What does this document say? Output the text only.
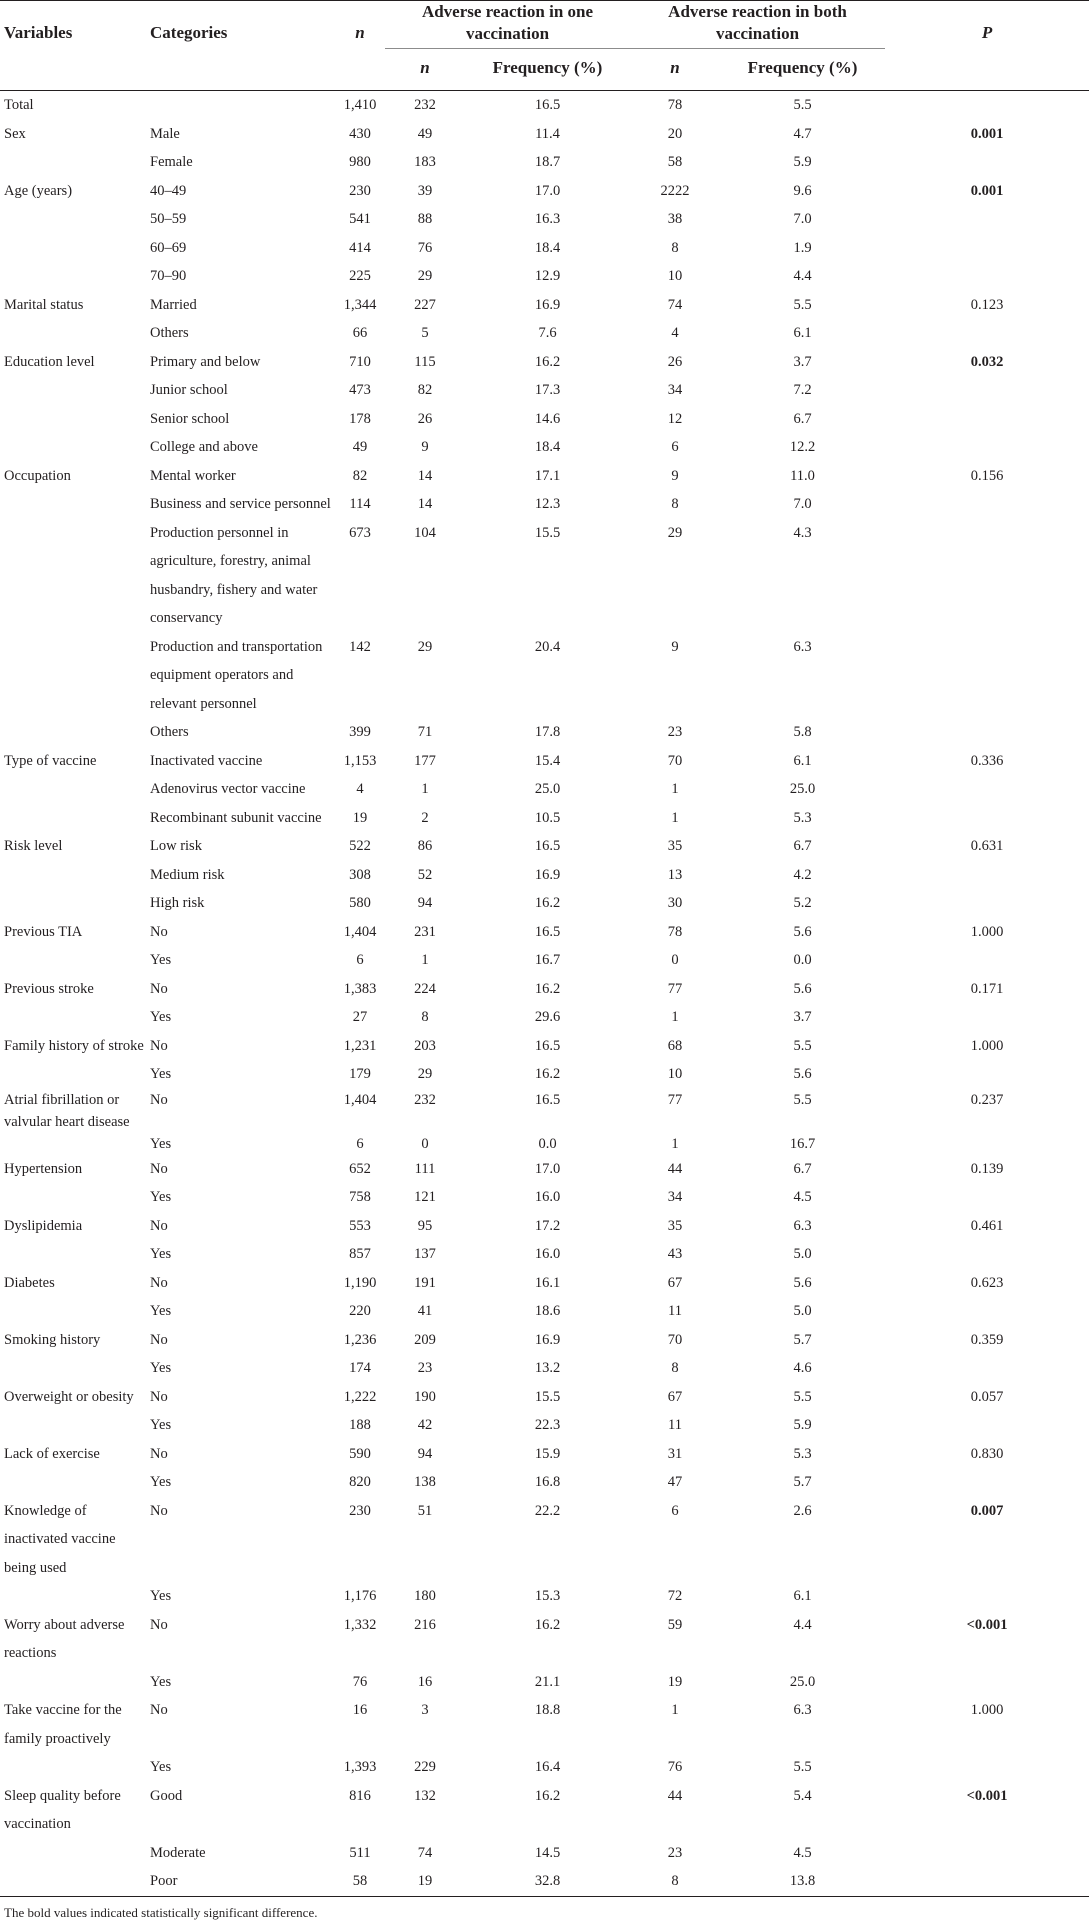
Variables	Categories	n	Adverse reaction in one vaccination		Adverse reaction in both vaccination		P
			n	Frequency (%)	n	Frequency (%)	
Total		1,410	232	16.5	78	5.5	
Sex	Male	430	49	11.4	20	4.7	0.001
	Female	980	183	18.7	58	5.9	
Age (years)	40–49	230	39	17.0	2222	9.6	0.001
	50–59	541	88	16.3	38	7.0	
	60–69	414	76	18.4	8	1.9	
	70–90	225	29	12.9	10	4.4	
Marital status	Married	1,344	227	16.9	74	5.5	0.123
	Others	66	5	7.6	4	6.1	
Education level	Primary and below	710	115	16.2	26	3.7	0.032
	Junior school	473	82	17.3	34	7.2	
	Senior school	178	26	14.6	12	6.7	
	College and above	49	9	18.4	6	12.2	
Occupation	Mental worker	82	14	17.1	9	11.0	0.156
	Business and service personnel	114	14	12.3	8	7.0	
	Production personnel in agriculture, forestry, animal husbandry, fishery and water conservancy	673	104	15.5	29	4.3	
	Production and transportation equipment operators and relevant personnel	142	29	20.4	9	6.3	
	Others	399	71	17.8	23	5.8	
Type of vaccine	Inactivated vaccine	1,153	177	15.4	70	6.1	0.336
	Adenovirus vector vaccine	4	1	25.0	1	25.0	
	Recombinant subunit vaccine	19	2	10.5	1	5.3	
Risk level	Low risk	522	86	16.5	35	6.7	0.631
	Medium risk	308	52	16.9	13	4.2	
	High risk	580	94	16.2	30	5.2	
Previous TIA	No	1,404	231	16.5	78	5.6	1.000
	Yes	6	1	16.7	0	0.0	
Previous stroke	No	1,383	224	16.2	77	5.6	0.171
	Yes	27	8	29.6	1	3.7	
Family history of stroke	No	1,231	203	16.5	68	5.5	1.000
	Yes	179	29	16.2	10	5.6	
Atrial fibrillation or valvular heart disease	No	1,404	232	16.5	77	5.5	0.237
	Yes	6	0	0.0	1	16.7	
Hypertension	No	652	111	17.0	44	6.7	0.139
	Yes	758	121	16.0	34	4.5	
Dyslipidemia	No	553	95	17.2	35	6.3	0.461
	Yes	857	137	16.0	43	5.0	
Diabetes	No	1,190	191	16.1	67	5.6	0.623
	Yes	220	41	18.6	11	5.0	
Smoking history	No	1,236	209	16.9	70	5.7	0.359
	Yes	174	23	13.2	8	4.6	
Overweight or obesity	No	1,222	190	15.5	67	5.5	0.057
	Yes	188	42	22.3	11	5.9	
Lack of exercise	No	590	94	15.9	31	5.3	0.830
	Yes	820	138	16.8	47	5.7	
Knowledge of inactivated vaccine being used	No	230	51	22.2	6	2.6	0.007
	Yes	1,176	180	15.3	72	6.1	
Worry about adverse reactions	No	1,332	216	16.2	59	4.4	<0.001
	Yes	76	16	21.1	19	25.0	
Take vaccine for the family proactively	No	16	3	18.8	1	6.3	1.000
	Yes	1,393	229	16.4	76	5.5	
Sleep quality before vaccination	Good	816	132	16.2	44	5.4	<0.001
	Moderate	511	74	14.5	23	4.5	
	Poor	58	19	32.8	8	13.8	
The bold values indicated statistically significant difference.
